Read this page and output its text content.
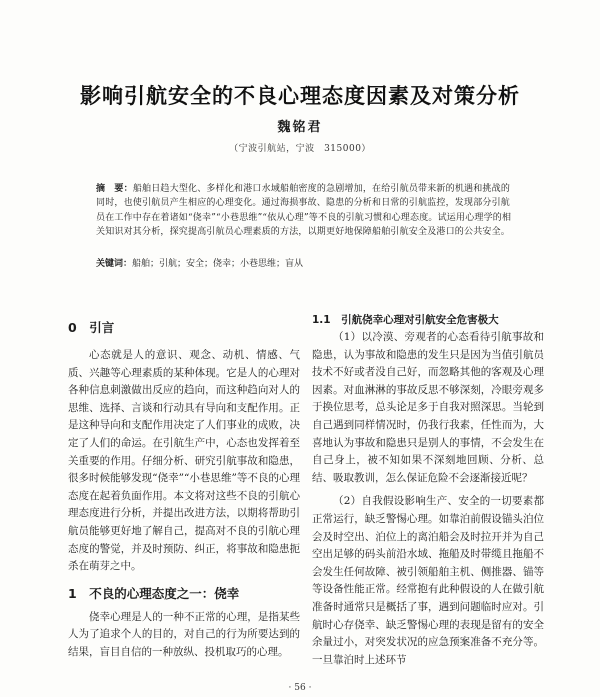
影响引航安全的不良心理态度因素及对策分析
魏铭君
（宁波引航站，宁波　315000）
摘　要：船舶日趋大型化、多样化和港口水域船舶密度的急剧增加，在给引航员带来新的机遇和挑战的同时，也使引航员产生相应的心理变化。通过海损事故、隐患的分析和日常的引航监控，发现部分引航员在工作中存在着诸如“侥幸”“小巷思维”“依从心理”等不良的引航习惯和心理态度。试运用心理学的相关知识对其分析，探究提高引航员心理素质的方法，以期更好地保障船舶引航安全及港口的公共安全。
关键词：船舶；引航；安全；侥幸；小巷思维；盲从
0　引言
心态就是人的意识、观念、动机、情感、气质、兴趣等心理素质的某种体现。它是人的心理对各种信息刺激做出反应的趋向，而这种趋向对人的思维、选择、言谈和行动具有导向和支配作用。正是这种导向和支配作用决定了人们事业的成败，决定了人们的命运。在引航生产中，心态也发挥着至关重要的作用。仔细分析、研究引航事故和隐患，很多时候能够发现“侥幸”“小巷思维”等不良的心理态度在起着负面作用。本文将对这些不良的引航心理态度进行分析，并提出改进方法，以期将帮助引航员能够更好地了解自己，提高对不良的引航心理态度的警觉，并及时预防、纠正，将事故和隐患扼杀在萌芽之中。
1　不良的心理态度之一：侥幸
侥幸心理是人的一种不正常的心理，是指某些人为了追求个人的目的，对自己的行为所要达到的结果，盲目自信的一种放纵、投机取巧的心理。
1.1　引航侥幸心理对引航安全危害极大
（1）以冷漠、旁观者的心态看待引航事故和隐患，认为事故和隐患的发生只是因为当值引航员技术不好或者没自己好，而忽略其他的客观及心理因素。对血淋淋的事故反思不够深刻，冷眼旁观多于换位思考，总头论足多于自我对照深思。当轮到自己遇到同样情况时，仍我行我素，任性而为，大喜地认为事故和隐患只是别人的事情，不会发生在自己身上，被不知如果不深刻地回顾、分析、总结、吸取教训，怎么保证危险不会逐渐接近呢？
（2）自我假设影响生产、安全的一切要素都正常运行，缺乏警惕心理。如靠泊前假设锚头泊位会及时空出、泊位上的离泊船会及时拉开并为自己空出足够的码头前沿水域、拖船及时带缆且拖船不会发生任何故障、被引领船舶主机、侧推器、锚等等设备性能正常。经常抱有此种假设的人在做引航准备时通常只是概括了事，遇到问题临时应对。引航时心存侥幸、缺乏警惕心理的表现是留有的安全余量过小，对突发状况的应急预案准备不充分等。一旦靠泊时上述环节
· 56 ·
